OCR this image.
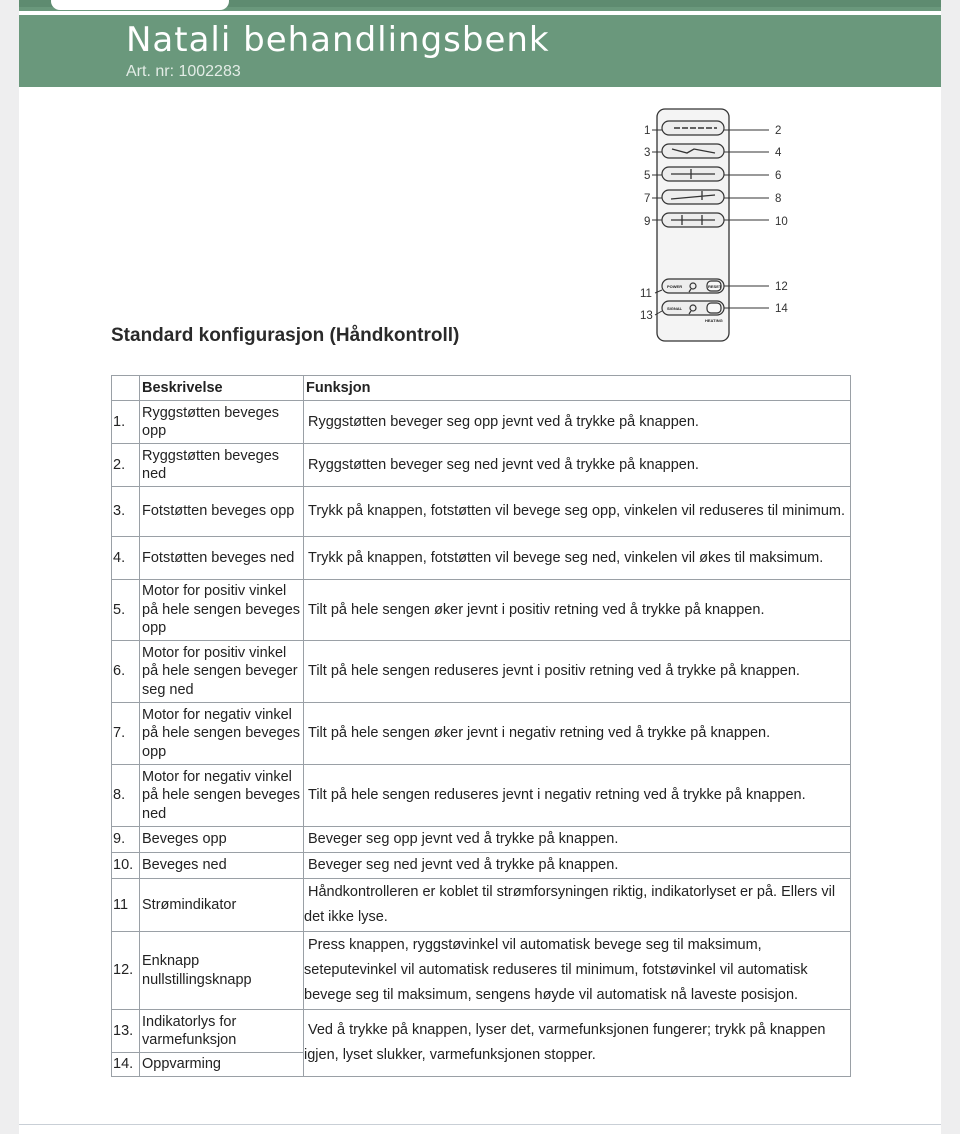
Natali behandlingsbenk
Art. nr: 1002283
POWER	RESET
SIGNAL
HEATING
1
3
5
7
9
11
13
2
4
6
8
10
12
14
Standard konfigurasjon (Håndkontroll)
	Beskrivelse	Funksjon
1.	Ryggstøtten beveges opp	Ryggstøtten beveger seg opp jevnt ved å trykke på knappen.
2.	Ryggstøtten beveges ned	Ryggstøtten beveger seg ned jevnt ved å trykke på knappen.
3.	Fotstøtten beveges opp	Trykk på knappen, fotstøtten vil bevege seg opp, vinkelen vil reduseres til minimum.
4.	Fotstøtten beveges ned	Trykk på knappen, fotstøtten vil bevege seg ned, vinkelen vil økes til maksimum.
5.	Motor for positiv vinkel på hele sengen beveges opp	Tilt på hele sengen øker jevnt i positiv retning ved å trykke på knappen.
6.	Motor for positiv vinkel på hele sengen beveger seg ned	Tilt på hele sengen reduseres jevnt i positiv retning ved å trykke på knappen.
7.	Motor for negativ vinkel på hele sengen beveges opp	Tilt på hele sengen øker jevnt i negativ retning ved å trykke på knappen.
8.	Motor for negativ vinkel på hele sengen beveges ned	Tilt på hele sengen reduseres jevnt i negativ retning ved å trykke på knappen.
9.	Beveges opp	Beveger seg opp jevnt ved å trykke på knappen.
10.	Beveges ned	Beveger seg ned jevnt ved å trykke på knappen.
11	Strømindikator	Håndkontrolleren er koblet til strømforsyningen riktig, indikatorlyset er på. Ellers vil det ikke lyse.
12.	Enknapp nullstillingsknapp	Press knappen, ryggstøvinkel vil automatisk bevege seg til maksimum, seteputevinkel vil automatisk reduseres til minimum, fotstøvinkel vil automatisk bevege seg til maksimum, sengens høyde vil automatisk nå laveste posisjon.
13.	Indikatorlys for varmefunksjon	Ved å trykke på knappen, lyser det, varmefunksjonen fungerer; trykk på knappen igjen, lyset slukker, varmefunksjonen stopper.
14.	Oppvarming	
